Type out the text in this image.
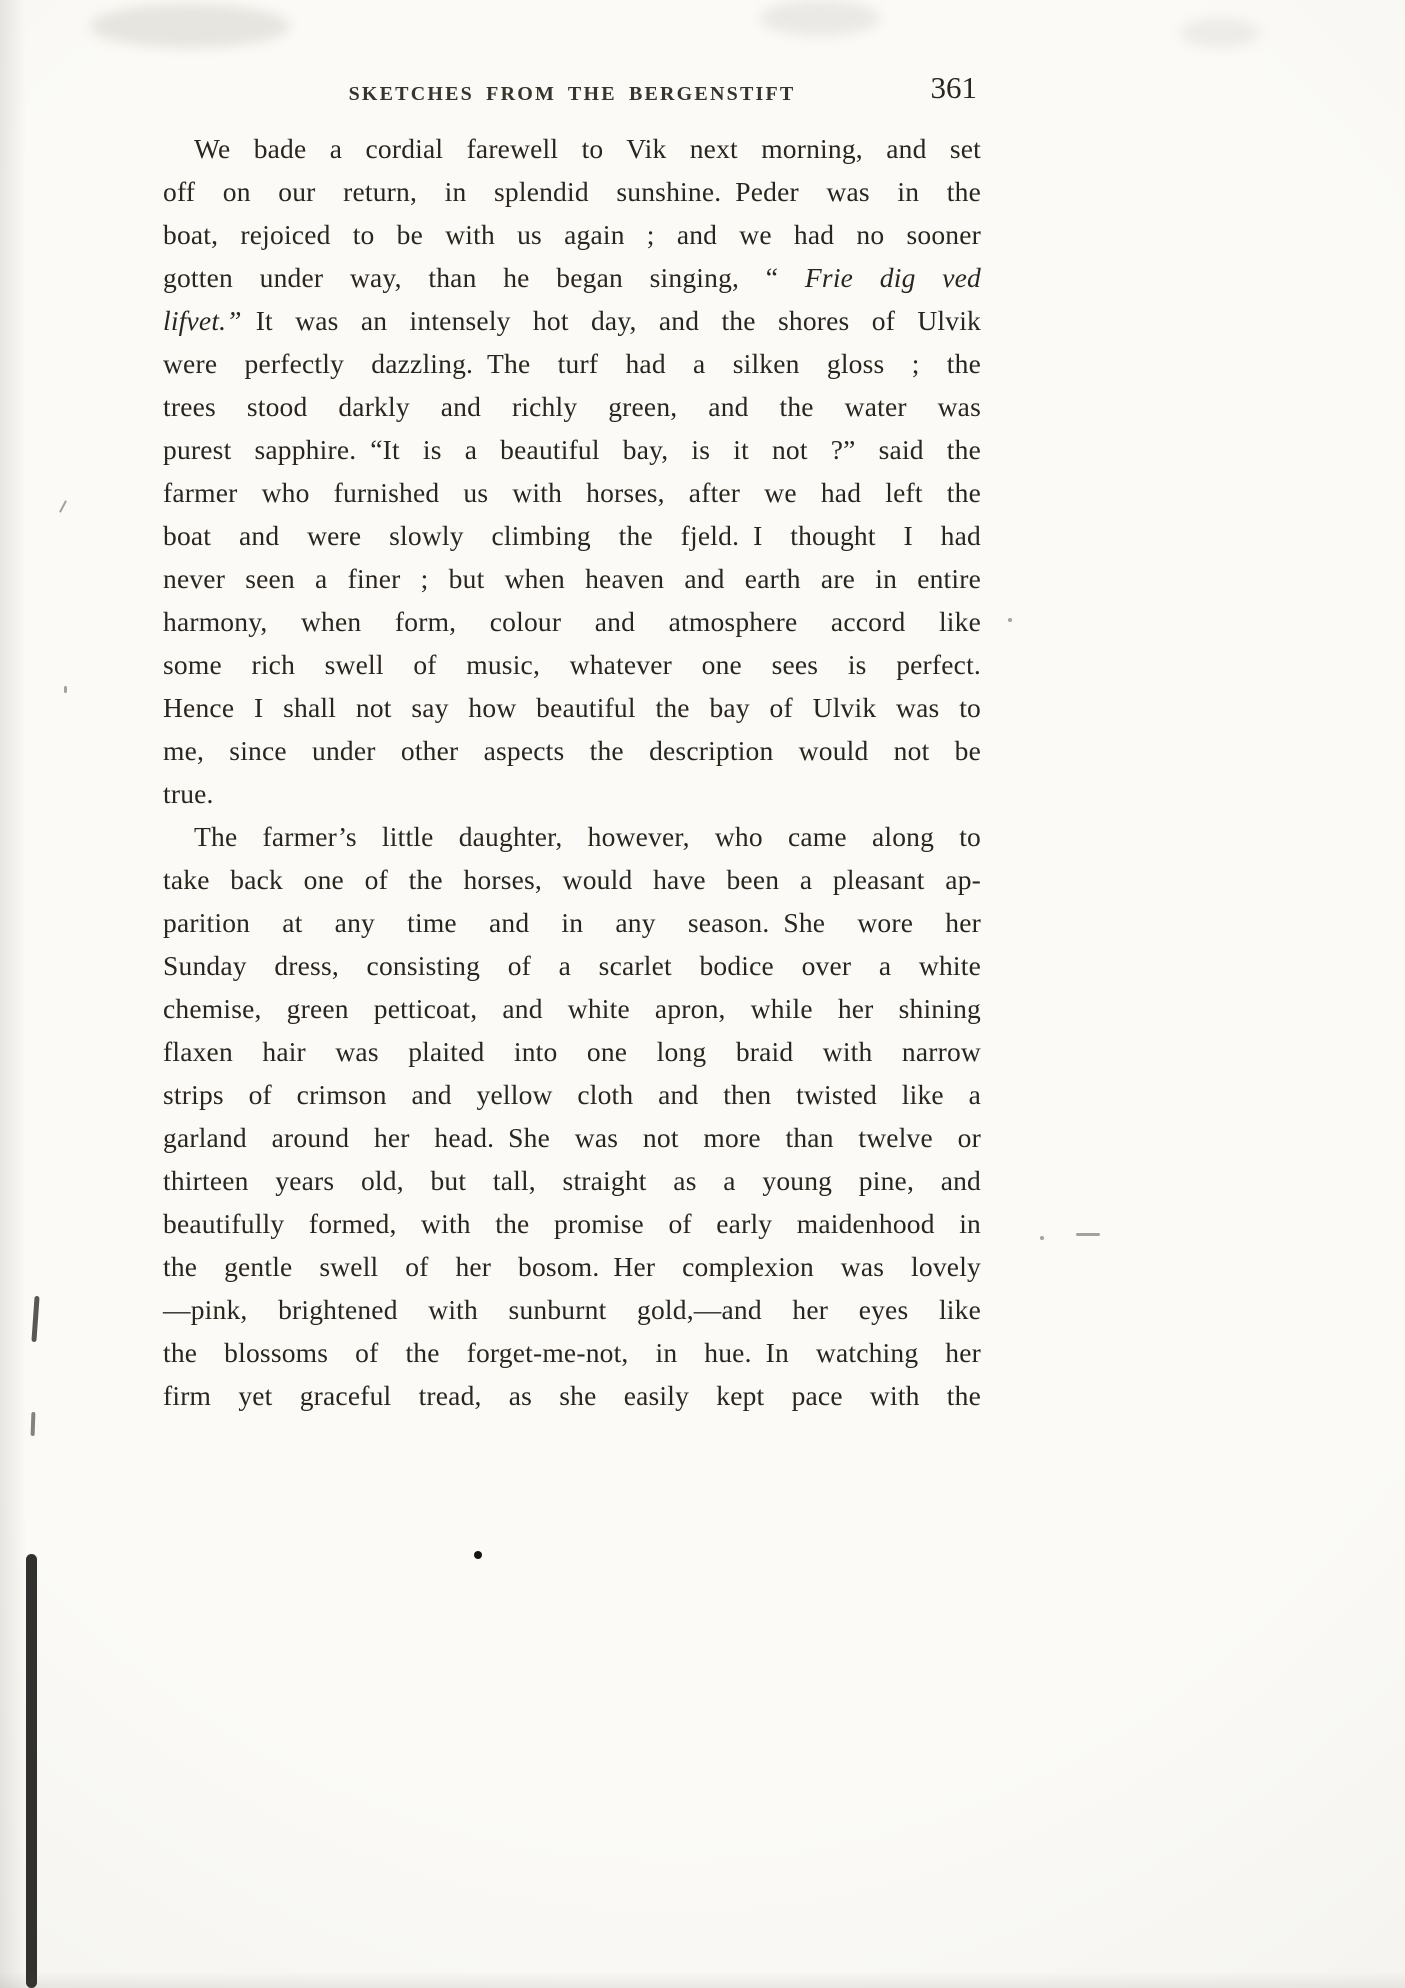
SKETCHES FROM THE BERGENSTIFT	361
We bade a cordial farewell to Vik next morning, and set
off on our return, in splendid sunshine. Peder was in the
boat, rejoiced to be with us again ; and we had no sooner
gotten under way, than he began singing, “ Frie dig ved
lifvet.” It was an intensely hot day, and the shores of Ulvik
were perfectly dazzling. The turf had a silken gloss ; the
trees stood darkly and richly green, and the water was
purest sapphire. “It is a beautiful bay, is it not ?” said the
farmer who furnished us with horses, after we had left the
boat and were slowly climbing the fjeld. I thought I had
never seen a finer ; but when heaven and earth are in entire
harmony, when form, colour and atmosphere accord like
some rich swell of music, whatever one sees is perfect.
Hence I shall not say how beautiful the bay of Ulvik was to
me, since under other aspects the description would not be
true.
The farmer’s little daughter, however, who came along to
take back one of the horses, would have been a pleasant ap-
parition at any time and in any season. She wore her
Sunday dress, consisting of a scarlet bodice over a white
chemise, green petticoat, and white apron, while her shining
flaxen hair was plaited into one long braid with narrow
strips of crimson and yellow cloth and then twisted like a
garland around her head. She was not more than twelve or
thirteen years old, but tall, straight as a young pine, and
beautifully formed, with the promise of early maidenhood in
the gentle swell of her bosom. Her complexion was lovely
—pink, brightened with sunburnt gold,—and her eyes like
the blossoms of the forget-me-not, in hue. In watching her
firm yet graceful tread, as she easily kept pace with the
